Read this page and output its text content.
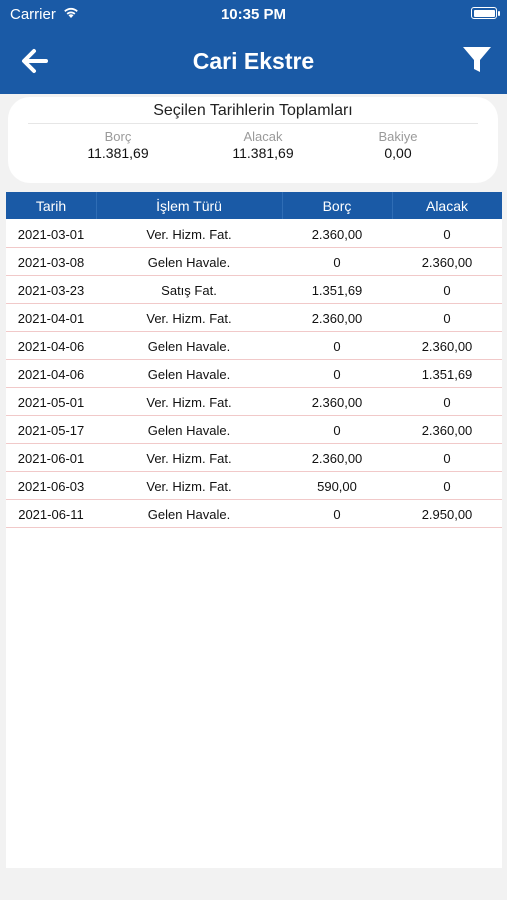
Carrier	10:35 PM
Cari Ekstre
Seçilen Tarihlerin Toplamları
Borç
11.381,69
Alacak
11.381,69
Bakiye
0,00
Tarih	İşlem Türü	Borç	Alacak
2021-03-01	Ver. Hizm. Fat.	2.360,00	0
2021-03-08	Gelen Havale.	0	2.360,00
2021-03-23	Satış Fat.	1.351,69	0
2021-04-01	Ver. Hizm. Fat.	2.360,00	0
2021-04-06	Gelen Havale.	0	2.360,00
2021-04-06	Gelen Havale.	0	1.351,69
2021-05-01	Ver. Hizm. Fat.	2.360,00	0
2021-05-17	Gelen Havale.	0	2.360,00
2021-06-01	Ver. Hizm. Fat.	2.360,00	0
2021-06-03	Ver. Hizm. Fat.	590,00	0
2021-06-11	Gelen Havale.	0	2.950,00
